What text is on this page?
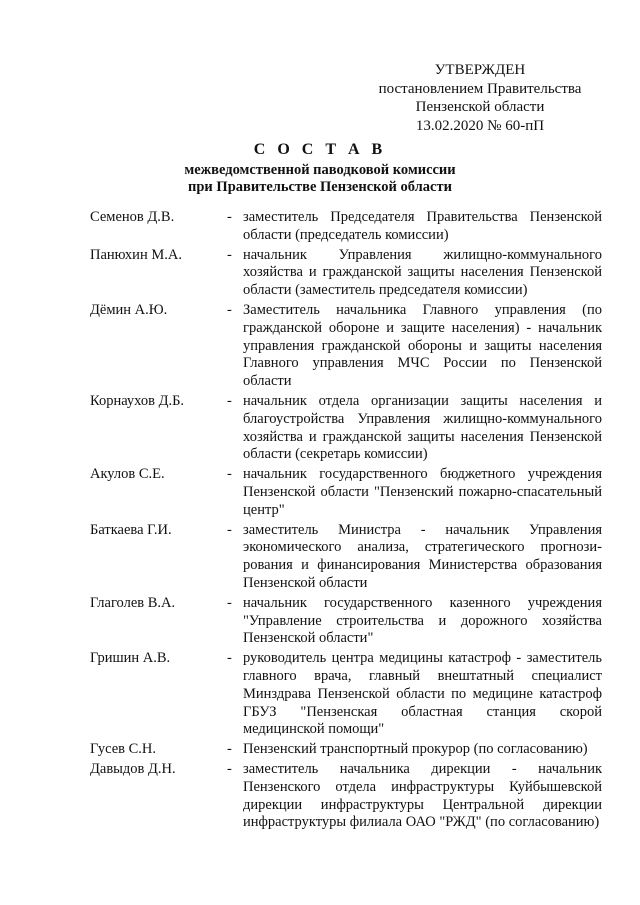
УТВЕРЖДЕН
постановлением Правительства
Пензенской области
13.02.2020 № 60-пП
С О С Т А В
межведомственной паводковой комиссии
при Правительстве Пензенской области
Семенов Д.В.	- заместитель Председателя Правительства Пензенской области (председатель комиссии)
Панюхин М.А.	- начальник Управления жилищно-коммунального хозяйства и гражданской защиты населения Пензенской области (заместитель председателя комиссии)
Дёмин А.Ю.	- Заместитель начальника Главного управления (по гражданской обороне и защите населения) - начальник управления гражданской обороны и защиты населения Главного управления МЧС России по Пензенской области
Корнаухов Д.Б.	- начальник отдела организации защиты населения и благоустройства Управления жилищно-коммунального хозяйства и гражданской защиты населения Пензенской области (секретарь комиссии)
Акулов С.Е.	- начальник государственного бюджетного учреждения Пензенской области "Пензенский пожарно-спасательный центр"
Баткаева Г.И.	- заместитель Министра - начальник Управления экономического анализа, стратегического прогнозирования и финансирования Министерства образования Пензенской области
Глаголев В.А.	- начальник государственного казенного учреждения "Управление строительства и дорожного хозяйства Пензенской области"
Гришин А.В.	- руководитель центра медицины катастроф - заместитель главного врача, главный внештатный специалист Минздрава Пензенской области по медицине катастроф ГБУЗ "Пензенская областная станция скорой медицинской помощи"
Гусев С.Н.	- Пензенский транспортный прокурор (по согласованию)
Давыдов Д.Н.	- заместитель начальника дирекции - начальник Пензенского отдела инфраструктуры Куйбышевской дирекции инфраструктуры Центральной дирекции инфраструктуры филиала ОАО "РЖД" (по согласованию)
